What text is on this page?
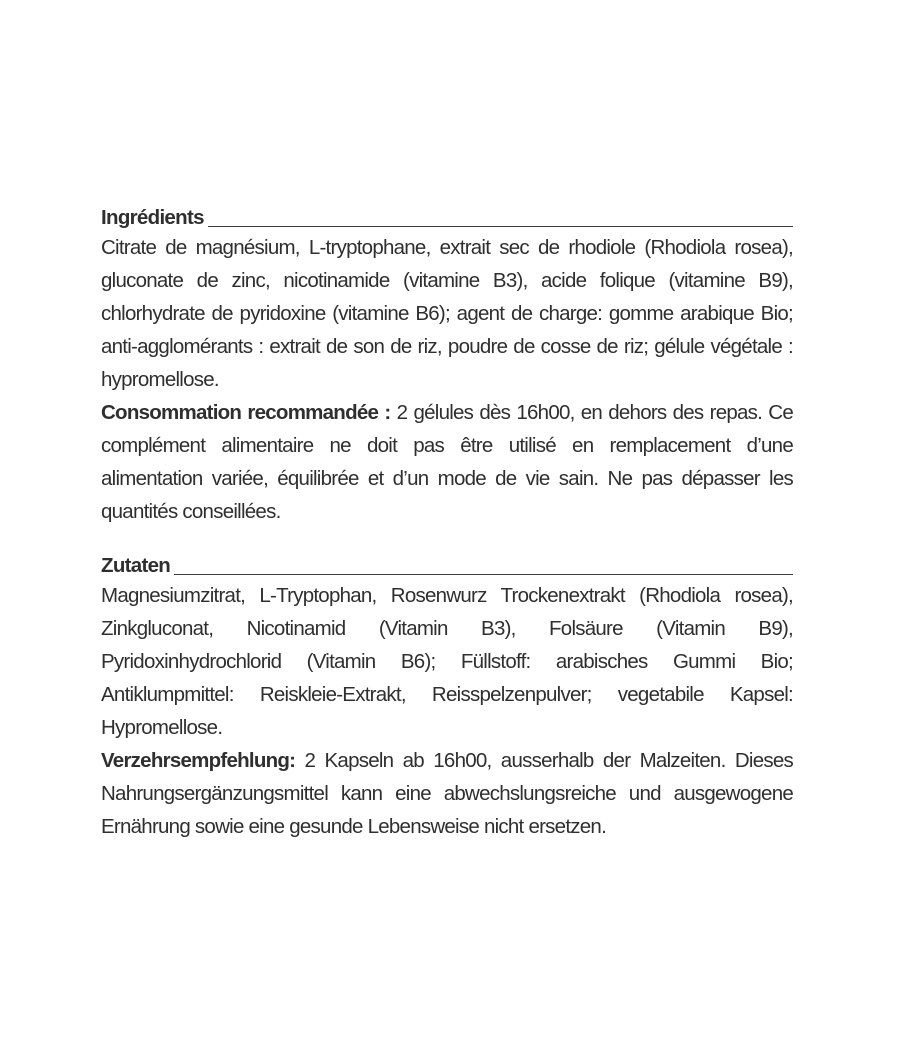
Ingrédients

Citrate de magnésium, L-tryptophane, extrait sec de rhodiole (Rhodiola rosea), gluconate de zinc, nicotinamide (vitamine B3), acide folique (vitamine B9), chlorhydrate de pyridoxine (vitamine B6); agent de charge: gomme arabique Bio; anti-agglomérants : extrait de son de riz, poudre de cosse de riz; gélule végétale : hypromellose.

Consommation recommandée : 2 gélules dès 16h00, en dehors des repas. Ce complément alimentaire ne doit pas être utilisé en remplacement d’une alimentation variée, équilibrée et d’un mode de vie sain. Ne pas dépasser les quantités conseillées.

Zutaten

Magnesiumzitrat, L-Tryptophan, Rosenwurz Trockenextrakt (Rhodiola rosea), Zinkgluconat, Nicotinamid (Vitamin B3), Folsäure (Vitamin B9), Pyridoxinhydrochlorid (Vitamin B6); Füllstoff: arabisches Gummi Bio; Antiklumpmittel: Reiskleie-Extrakt, Reisspelzenpulver; vegetabile Kapsel: Hypromellose.

Verzehrsempfehlung: 2 Kapseln ab 16h00, ausserhalb der Malzeiten. Dieses Nahrungsergänzungsmittel kann eine abwechslungsreiche und ausgewogene Ernährung sowie eine gesunde Lebensweise nicht ersetzen.
